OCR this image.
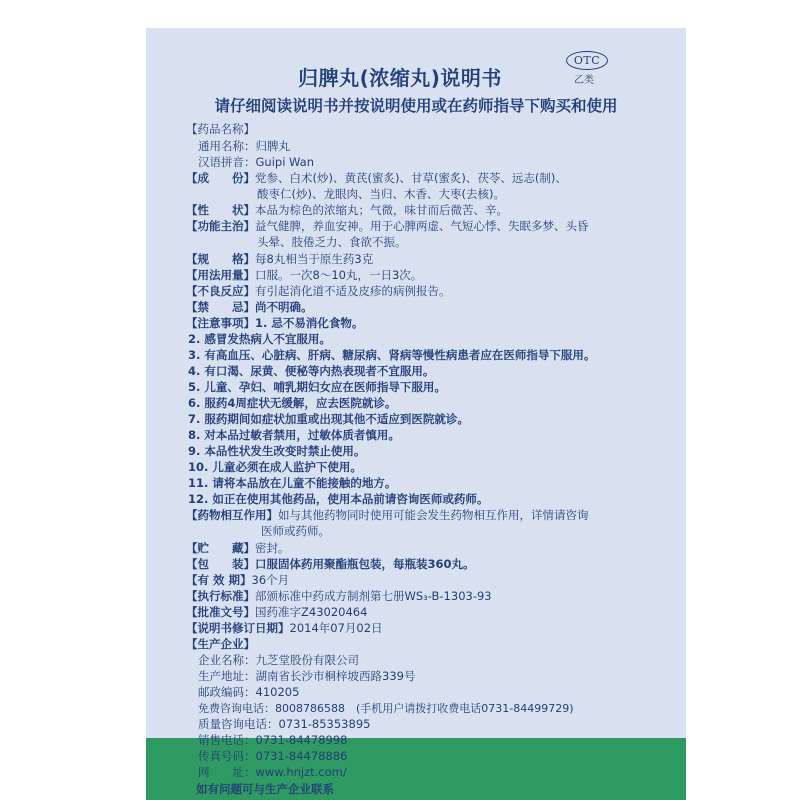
OTC
乙类
归脾丸(浓缩丸)说明书
请仔细阅读说明书并按说明使用或在药师指导下购买和使用
【药品名称】
通用名称：归脾丸
汉语拼音：Guipi Wan
【成　　份】党参、白术(炒)、黄芪(蜜炙)、甘草(蜜炙)、茯苓、远志(制)、
酸枣仁(炒)、龙眼肉、当归、木香、大枣(去核)。
【性　　状】本品为棕色的浓缩丸；气微，味甘而后微苦、辛。
【功能主治】益气健脾，养血安神。用于心脾两虚、气短心悸、失眠多梦、头昏
头晕、肢倦乏力、食欲不振。
【规　　格】每8丸相当于原生药3克
【用法用量】口服。一次8～10丸，一日3次。
【不良反应】有引起消化道不适及皮疹的病例报告。
【禁　　忌】尚不明确。
【注意事项】1. 忌不易消化食物。
2. 感冒发热病人不宜服用。
3. 有高血压、心脏病、肝病、糖尿病、肾病等慢性病患者应在医师指导下服用。
4. 有口渴、尿黄、便秘等内热表现者不宜服用。
5. 儿童、孕妇、哺乳期妇女应在医师指导下服用。
6. 服药4周症状无缓解，应去医院就诊。
7. 服药期间如症状加重或出现其他不适应到医院就诊。
8. 对本品过敏者禁用，过敏体质者慎用。
9. 本品性状发生改变时禁止使用。
10. 儿童必须在成人监护下使用。
11. 请将本品放在儿童不能接触的地方。
12. 如正在使用其他药品，使用本品前请咨询医师或药师。
【药物相互作用】如与其他药物同时使用可能会发生药物相互作用，详情请咨询
医师或药师。
【贮　　藏】密封。
【包　　装】口服固体药用聚酯瓶包装，每瓶装360丸。
【有 效 期】36个月
【执行标准】部颁标准中药成方制剂第七册WS₃-B-1303-93
【批准文号】国药准字Z43020464
【说明书修订日期】2014年07月02日
【生产企业】
企业名称：九芝堂股份有限公司
生产地址：湖南省长沙市桐梓坡西路339号
邮政编码：410205
免费咨询电话：8008786588　(手机用户请拨打收费电话0731-84499729)
质量咨询电话：0731-85353895
销售电话：0731-84478998
传真号码：0731-84478886
网　　址：www.hnjzt.com/
如有问题可与生产企业联系
